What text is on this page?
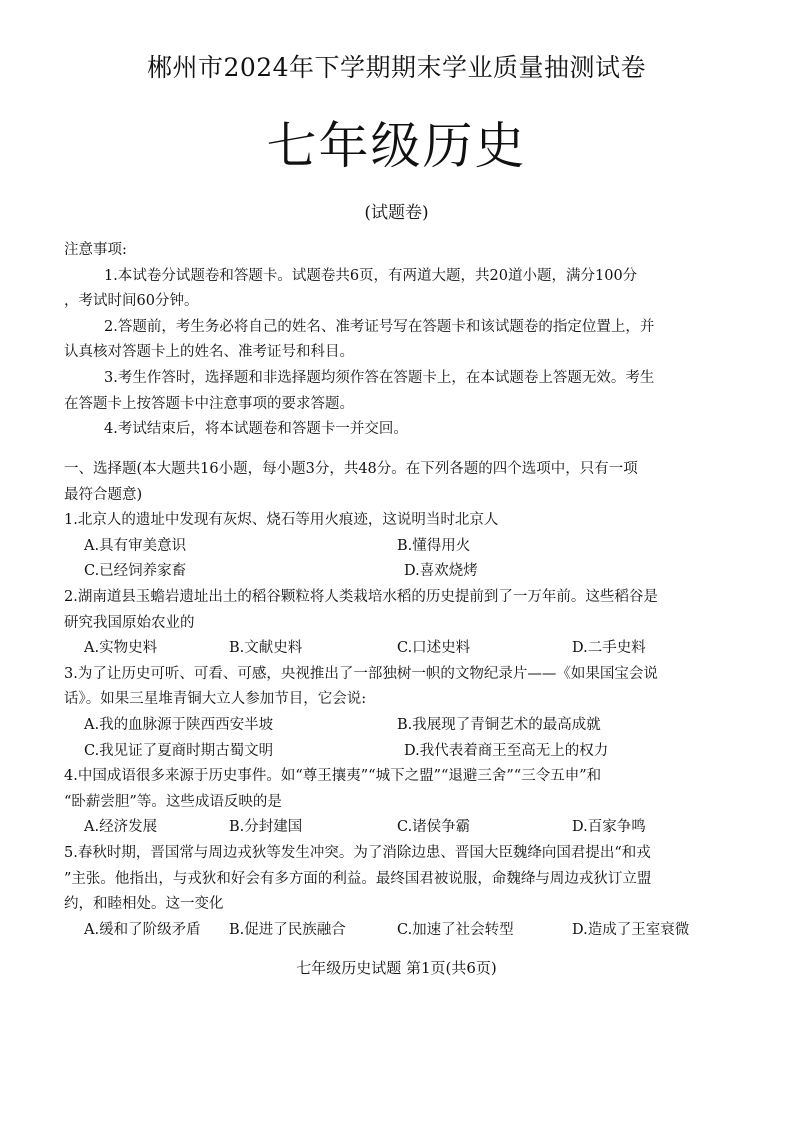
郴州市2024年下学期期末学业质量抽测试卷
七年级历史
(试题卷)
注意事项:
1.本试卷分试题卷和答题卡。试题卷共6页，有两道大题，共20道小题，满分100分
，考试时间60分钟。
2.答题前，考生务必将自己的姓名、准考证号写在答题卡和该试题卷的指定位置上，并
认真核对答题卡上的姓名、准考证号和科目。
3.考生作答时，选择题和非选择题均须作答在答题卡上，在本试题卷上答题无效。考生
在答题卡上按答题卡中注意事项的要求答题。
4.考试结束后，将本试题卷和答题卡一并交回。
一、选择题(本大题共16小题，每小题3分，共48分。在下列各题的四个选项中，只有一项
最符合题意)
1.北京人的遗址中发现有灰烬、烧石等用火痕迹，这说明当时北京人
A.具有审美意识	B.懂得用火
C.已经饲养家畜	D.喜欢烧烤
2.湖南道县玉蟾岩遗址出土的稻谷颗粒将人类栽培水稻的历史提前到了一万年前。这些稻谷是
研究我国原始农业的
A.实物史料	B.文献史料	C.口述史料	D.二手史料
3.为了让历史可听、可看、可感，央视推出了一部独树一帜的文物纪录片——《如果国宝会说
话》。如果三星堆青铜大立人参加节目，它会说:
A.我的血脉源于陕西西安半坡	B.我展现了青铜艺术的最高成就
C.我见证了夏商时期古蜀文明	D.我代表着商王至高无上的权力
4.中国成语很多来源于历史事件。如“尊王攘夷”“城下之盟”“退避三舍”“三令五申”和
“卧薪尝胆”等。这些成语反映的是
A.经济发展	B.分封建国	C.诸侯争霸	D.百家争鸣
5.春秋时期，晋国常与周边戎狄等发生冲突。为了消除边患、晋国大臣魏绛向国君提出“和戎
”主张。他指出，与戎狄和好会有多方面的利益。最终国君被说服，命魏绛与周边戎狄订立盟
约，和睦相处。这一变化
A.缓和了阶级矛盾 B.促进了民族融合	C.加速了社会转型	D.造成了王室衰微
七年级历史试题 第1页(共6页)
